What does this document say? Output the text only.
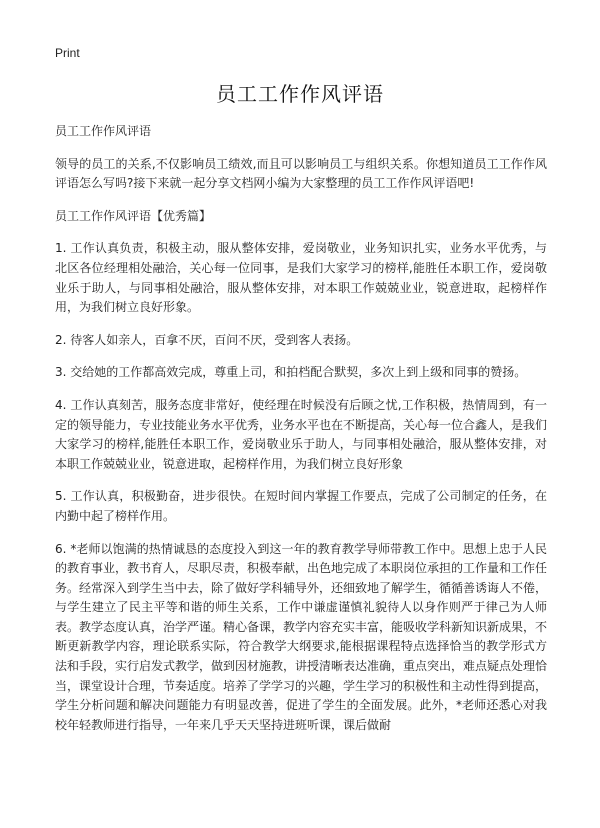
Print
员工工作作风评语

员工工作作风评语

领导的员工的关系,不仅影响员工绩效,而且可以影响员工与组织关系。你想知道员工工作作风评语怎么写吗?接下来就一起分享文档网小编为大家整理的员工工作作风评语吧!

员工工作作风评语【优秀篇】

1. 工作认真负责，积极主动，服从整体安排，爱岗敬业，业务知识扎实，业务水平优秀，与北区各位经理相处融洽，关心每一位同事，是我们大家学习的榜样,能胜任本职工作，爱岗敬业乐于助人，与同事相处融洽，服从整体安排，对本职工作兢兢业业，锐意进取，起榜样作用，为我们树立良好形象。

2. 待客人如亲人，百拿不厌，百问不厌，受到客人表扬。

3. 交给她的工作都高效完成，尊重上司，和拍档配合默契，多次上到上级和同事的赞扬。

4. 工作认真刻苦，服务态度非常好，使经理在时候没有后顾之忧,工作积极，热情周到，有一定的领导能力，专业技能业务水平优秀，业务水平也在不断提高，关心每一位合鑫人，是我们大家学习的榜样,能胜任本职工作，爱岗敬业乐于助人，与同事相处融洽，服从整体安排，对本职工作兢兢业业，锐意进取，起榜样作用，为我们树立良好形象

5. 工作认真，积极勤奋，进步很快。在短时间内掌握工作要点，完成了公司制定的任务，在内勤中起了榜样作用。

6. *老师以饱满的热情诚恳的态度投入到这一年的教育教学导师带教工作中。思想上忠于人民的教育事业，教书育人，尽职尽责，积极奉献，出色地完成了本职岗位承担的工作量和工作任务。经常深入到学生当中去，除了做好学科辅导外，还细致地了解学生，循循善诱诲人不倦，与学生建立了民主平等和谐的师生关系，工作中谦虚谨慎礼貌待人以身作则严于律己为人师表。教学态度认真，治学严谨。精心备课，教学内容充实丰富，能吸收学科新知识新成果，不断更新教学内容，理论联系实际，符合教学大纲要求,能根据课程特点选择恰当的教学形式方法和手段，实行启发式教学，做到因材施教，讲授清晰表达准确，重点突出，难点疑点处理恰当，课堂设计合理，节奏适度。培养了学学习的兴趣，学生学习的积极性和主动性得到提高，学生分析问题和解决问题能力有明显改善，促进了学生的全面发展。此外，*老师还悉心对我校年轻教师进行指导，一年来几乎天天坚持进班听课，课后做耐
